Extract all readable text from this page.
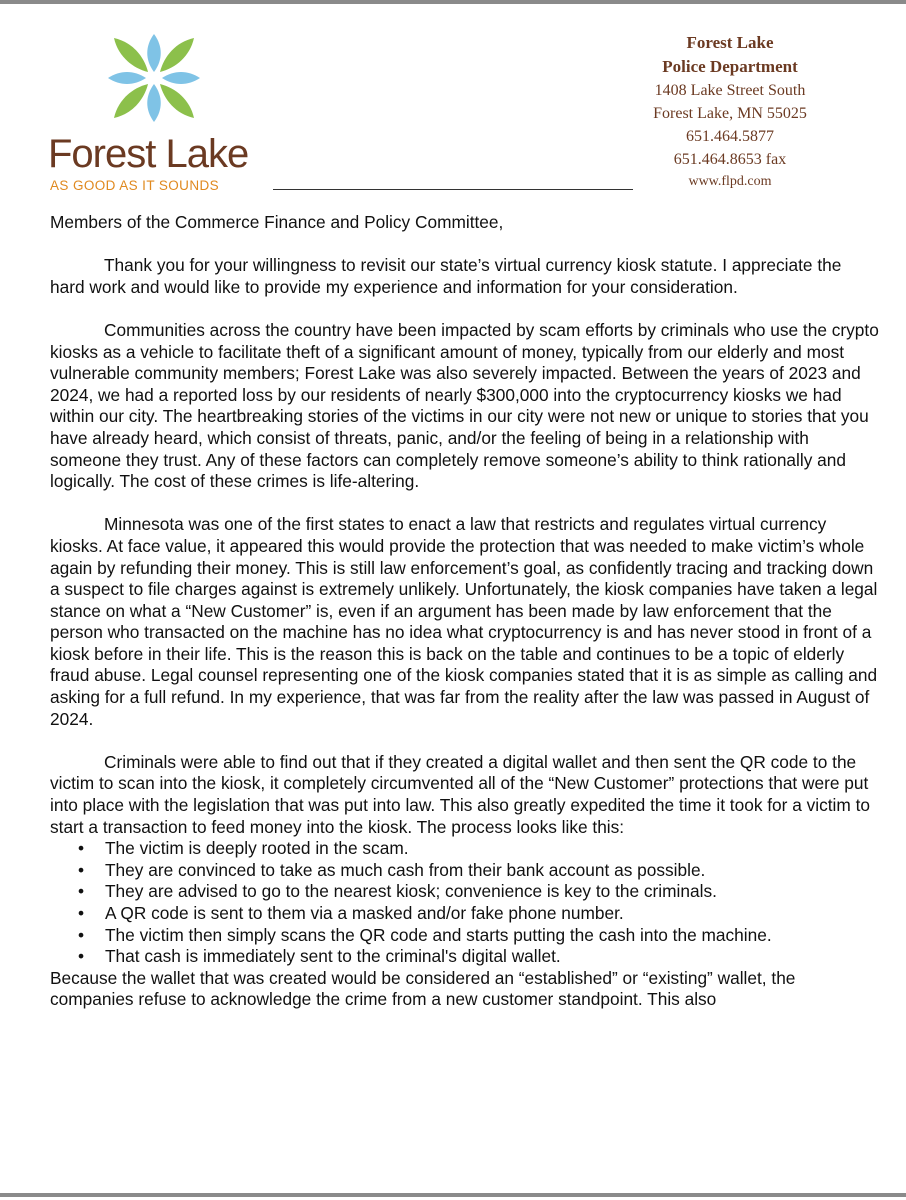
Forest Lake
AS GOOD AS IT SOUNDS
Forest Lake
Police Department
1408 Lake Street South
Forest Lake, MN 55025
651.464.5877
651.464.8653 fax
www.flpd.com

Members of the Commerce Finance and Policy Committee,

Thank you for your willingness to revisit our state’s virtual currency kiosk statute. I appreciate the hard work and would like to provide my experience and information for your consideration.

Communities across the country have been impacted by scam efforts by criminals who use the crypto kiosks as a vehicle to facilitate theft of a significant amount of money, typically from our elderly and most vulnerable community members; Forest Lake was also severely impacted. Between the years of 2023 and 2024, we had a reported loss by our residents of nearly $300,000 into the cryptocurrency kiosks we had within our city. The heartbreaking stories of the victims in our city were not new or unique to stories that you have already heard, which consist of threats, panic, and/or the feeling of being in a relationship with someone they trust. Any of these factors can completely remove someone’s ability to think rationally and logically. The cost of these crimes is life-altering.

Minnesota was one of the first states to enact a law that restricts and regulates virtual currency kiosks. At face value, it appeared this would provide the protection that was needed to make victim’s whole again by refunding their money. This is still law enforcement’s goal, as confidently tracing and tracking down a suspect to file charges against is extremely unlikely. Unfortunately, the kiosk companies have taken a legal stance on what a “New Customer” is, even if an argument has been made by law enforcement that the person who transacted on the machine has no idea what cryptocurrency is and has never stood in front of a kiosk before in their life. This is the reason this is back on the table and continues to be a topic of elderly fraud abuse. Legal counsel representing one of the kiosk companies stated that it is as simple as calling and asking for a full refund. In my experience, that was far from the reality after the law was passed in August of 2024.

Criminals were able to find out that if they created a digital wallet and then sent the QR code to the victim to scan into the kiosk, it completely circumvented all of the “New Customer” protections that were put into place with the legislation that was put into law. This also greatly expedited the time it took for a victim to start a transaction to feed money into the kiosk. The process looks like this:

• The victim is deeply rooted in the scam.
• They are convinced to take as much cash from their bank account as possible.
• They are advised to go to the nearest kiosk; convenience is key to the criminals.
• A QR code is sent to them via a masked and/or fake phone number.
• The victim then simply scans the QR code and starts putting the cash into the machine.
• That cash is immediately sent to the criminal's digital wallet.

Because the wallet that was created would be considered an “established” or “existing” wallet, the companies refuse to acknowledge the crime from a new customer standpoint. This also
